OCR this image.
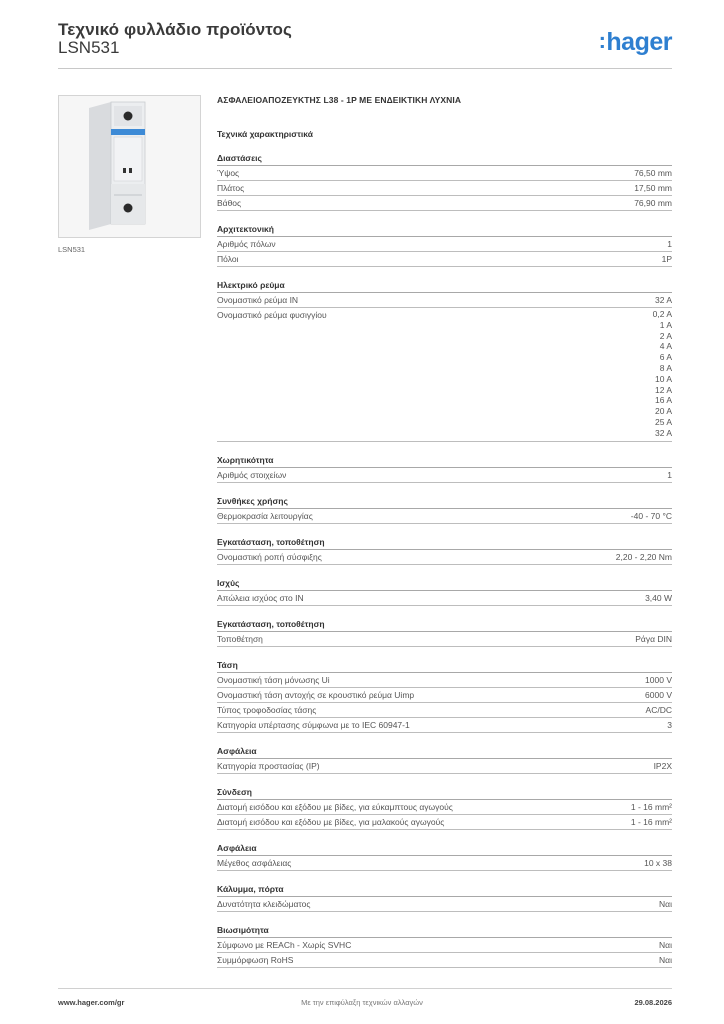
Τεχνικό φυλλάδιο προϊόντος
LSN531	:hager
LSN531
ΑΣΦΑΛΕΙΟΑΠΟΖΕΥΚΤΗΣ L38 - 1P ΜΕ ΕΝΔΕΙΚΤΙΚΗ ΛΥΧΝΙΑ
Τεχνικά χαρακτηριστικά
Διαστάσεις
Ύψος	76,50 mm
Πλάτος	17,50 mm
Βάθος	76,90 mm
Αρχιτεκτονική
Αριθμός πόλων	1
Πόλοι	1P
Ηλεκτρικό ρεύμα
Ονομαστικό ρεύμα IN	32 A
Ονομαστικό ρεύμα φυσιγγίου	0,2 A
1 A
2 A
4 A
6 A
8 A
10 A
12 A
16 A
20 A
25 A
32 A
Χωρητικότητα
Αριθμός στοιχείων	1
Συνθήκες χρήσης
Θερμοκρασία λειτουργίας	-40 - 70 °C
Εγκατάσταση, τοποθέτηση
Ονομαστική ροπή σύσφιξης	2,20 - 2,20 Nm
Ισχύς
Απώλεια ισχύος στο IN	3,40 W
Εγκατάσταση, τοποθέτηση
Τοποθέτηση	Ράγα DIN
Τάση
Ονομαστική τάση μόνωσης Ui	1000 V
Ονομαστική τάση αντοχής σε κρουστικό ρεύμα Uimp	6000 V
Τύπος τροφοδοσίας τάσης	AC/DC
Κατηγορία υπέρτασης σύμφωνα με το IEC 60947-1	3
Ασφάλεια
Κατηγορία προστασίας (IP)	IP2X
Σύνδεση
Διατομή εισόδου και εξόδου με βίδες, για εύκαμπτους αγωγούς	1 - 16 mm²
Διατομή εισόδου και εξόδου με βίδες, για μαλακούς αγωγούς	1 - 16 mm²
Ασφάλεια
Μέγεθος ασφάλειας	10 x 38
Κάλυμμα, πόρτα
Δυνατότητα κλειδώματος	Ναι
Βιωσιμότητα
Σύμφωνο με REACh - Χωρίς SVHC	Ναι
Συμμόρφωση RoHS	Ναι
Με την επιφύλαξη τεχνικών αλλαγών
www.hager.com/gr	29.08.2026
